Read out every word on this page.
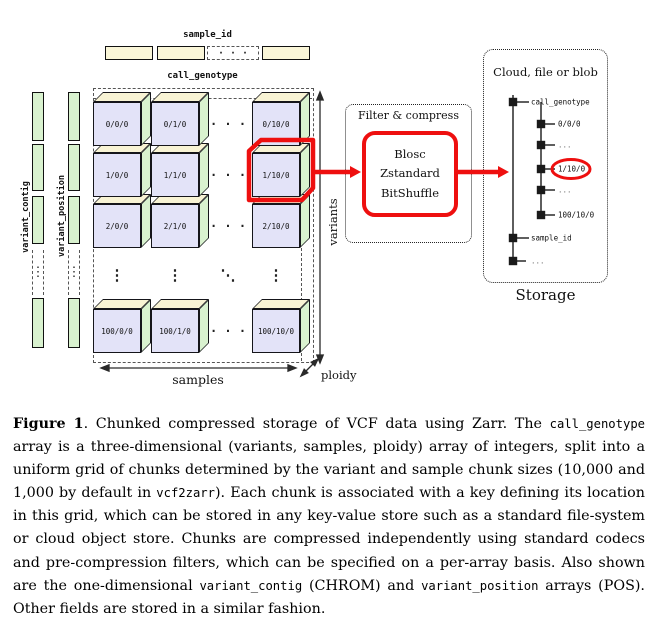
sample_id
· · ·
call_genotype
variant_contig
⋮
variant_position
⋮
0/0/0	0/1/0	0/10/0
1/0/0	1/1/0	1/10/0
2/0/0	2/1/0	2/10/0
100/0/0	100/1/0	100/10/0
· · ·
· · ·
· · ·
· · ·
⋮	⋮	⋮
⋱
variants
samples	ploidy
Filter & compress
Blosc
Zstandard
BitShuffle
Cloud, file or blob
Storage
call_genotype
0/0/0
...
1/10/0
...
100/10/0
sample_id
...

Figure 1. Chunked compressed storage of VCF data using Zarr. The call_genotype array is a three-dimensional (variants, samples, ploidy) array of integers, split into a uniform grid of chunks determined by the variant and sample chunk sizes (10,000 and 1,000 by default in vcf2zarr). Each chunk is associated with a key defining its location in this grid, which can be stored in any key-value store such as a standard file-system or cloud object store. Chunks are compressed independently using standard codecs and pre-compression filters, which can be specified on a per-array basis. Also shown are the one-dimensional variant_contig (CHROM) and variant_position arrays (POS). Other fields are stored in a similar fashion.
